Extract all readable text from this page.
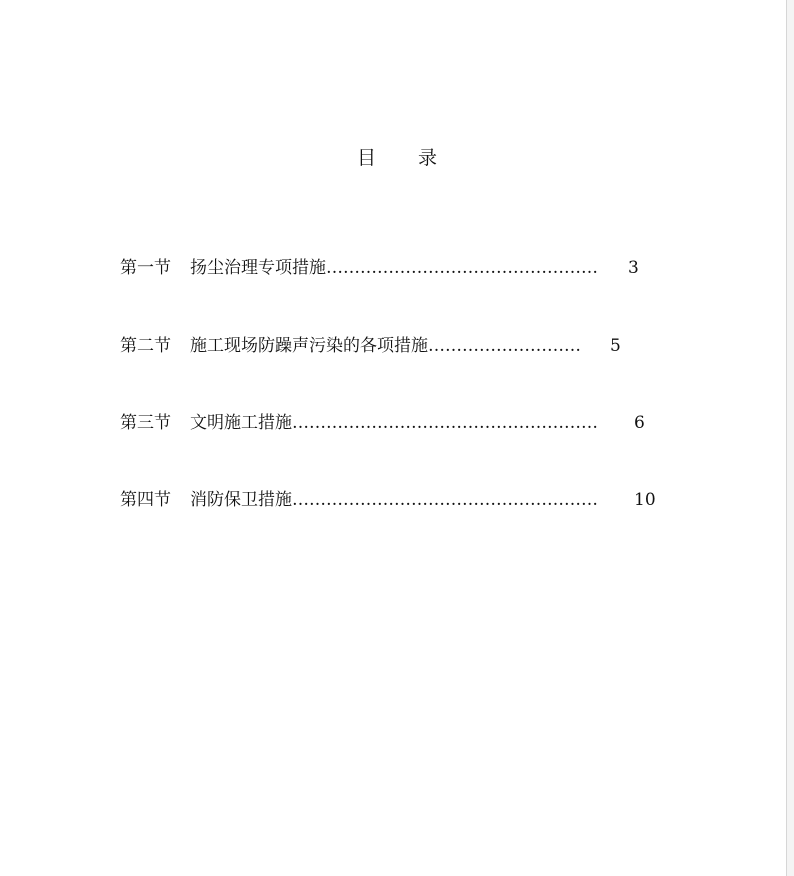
目 录
第一节	扬尘治理专项措施 …………………………………………	3
第二节	施工现场防躁声污染的各项措施 ………………………	5
第三节	文明施工措施 ………………………………………………	6
第四节	消防保卫措施 ………………………………………………	10
